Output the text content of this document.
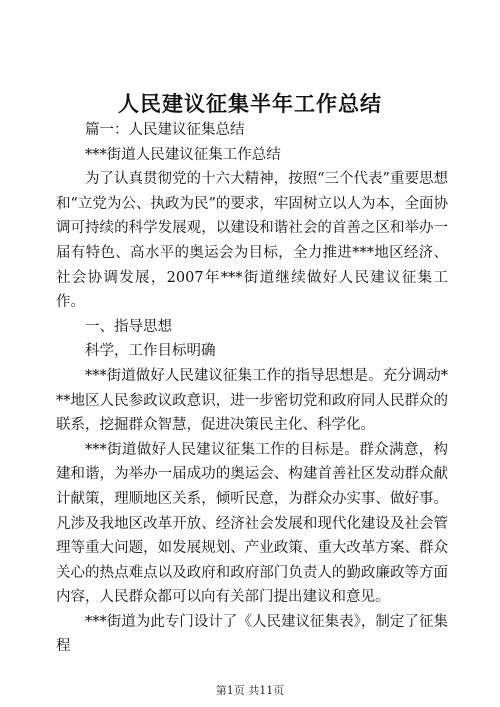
人民建议征集半年工作总结

篇一：人民建议征集总结

***街道人民建议征集工作总结

为了认真贯彻党的十六大精神，按照“三个代表”重要思想和“立党为公、执政为民”的要求，牢固树立以人为本，全面协调可持续的科学发展观，以建设和谐社会的首善之区和举办一届有特色、高水平的奥运会为目标，全力推进***地区经济、社会协调发展，2007年***街道继续做好人民建议征集工作。

一、指导思想

科学，工作目标明确

***街道做好人民建议征集工作的指导思想是。充分调动***地区人民参政议政意识，进一步密切党和政府同人民群众的联系，挖掘群众智慧，促进决策民主化、科学化。

***街道做好人民建议征集工作的目标是。群众满意，构建和谐，为举办一届成功的奥运会、构建首善社区发动群众献计献策，理顺地区关系，倾听民意，为群众办实事、做好事。凡涉及我地区改革开放、经济社会发展和现代化建设及社会管理等重大问题，如发展规划、产业政策、重大改革方案、群众关心的热点难点以及政府和政府部门负责人的勤政廉政等方面内容，人民群众都可以向有关部门提出建议和意见。

***街道为此专门设计了《人民建议征集表》，制定了征集程

第1页 共11页
